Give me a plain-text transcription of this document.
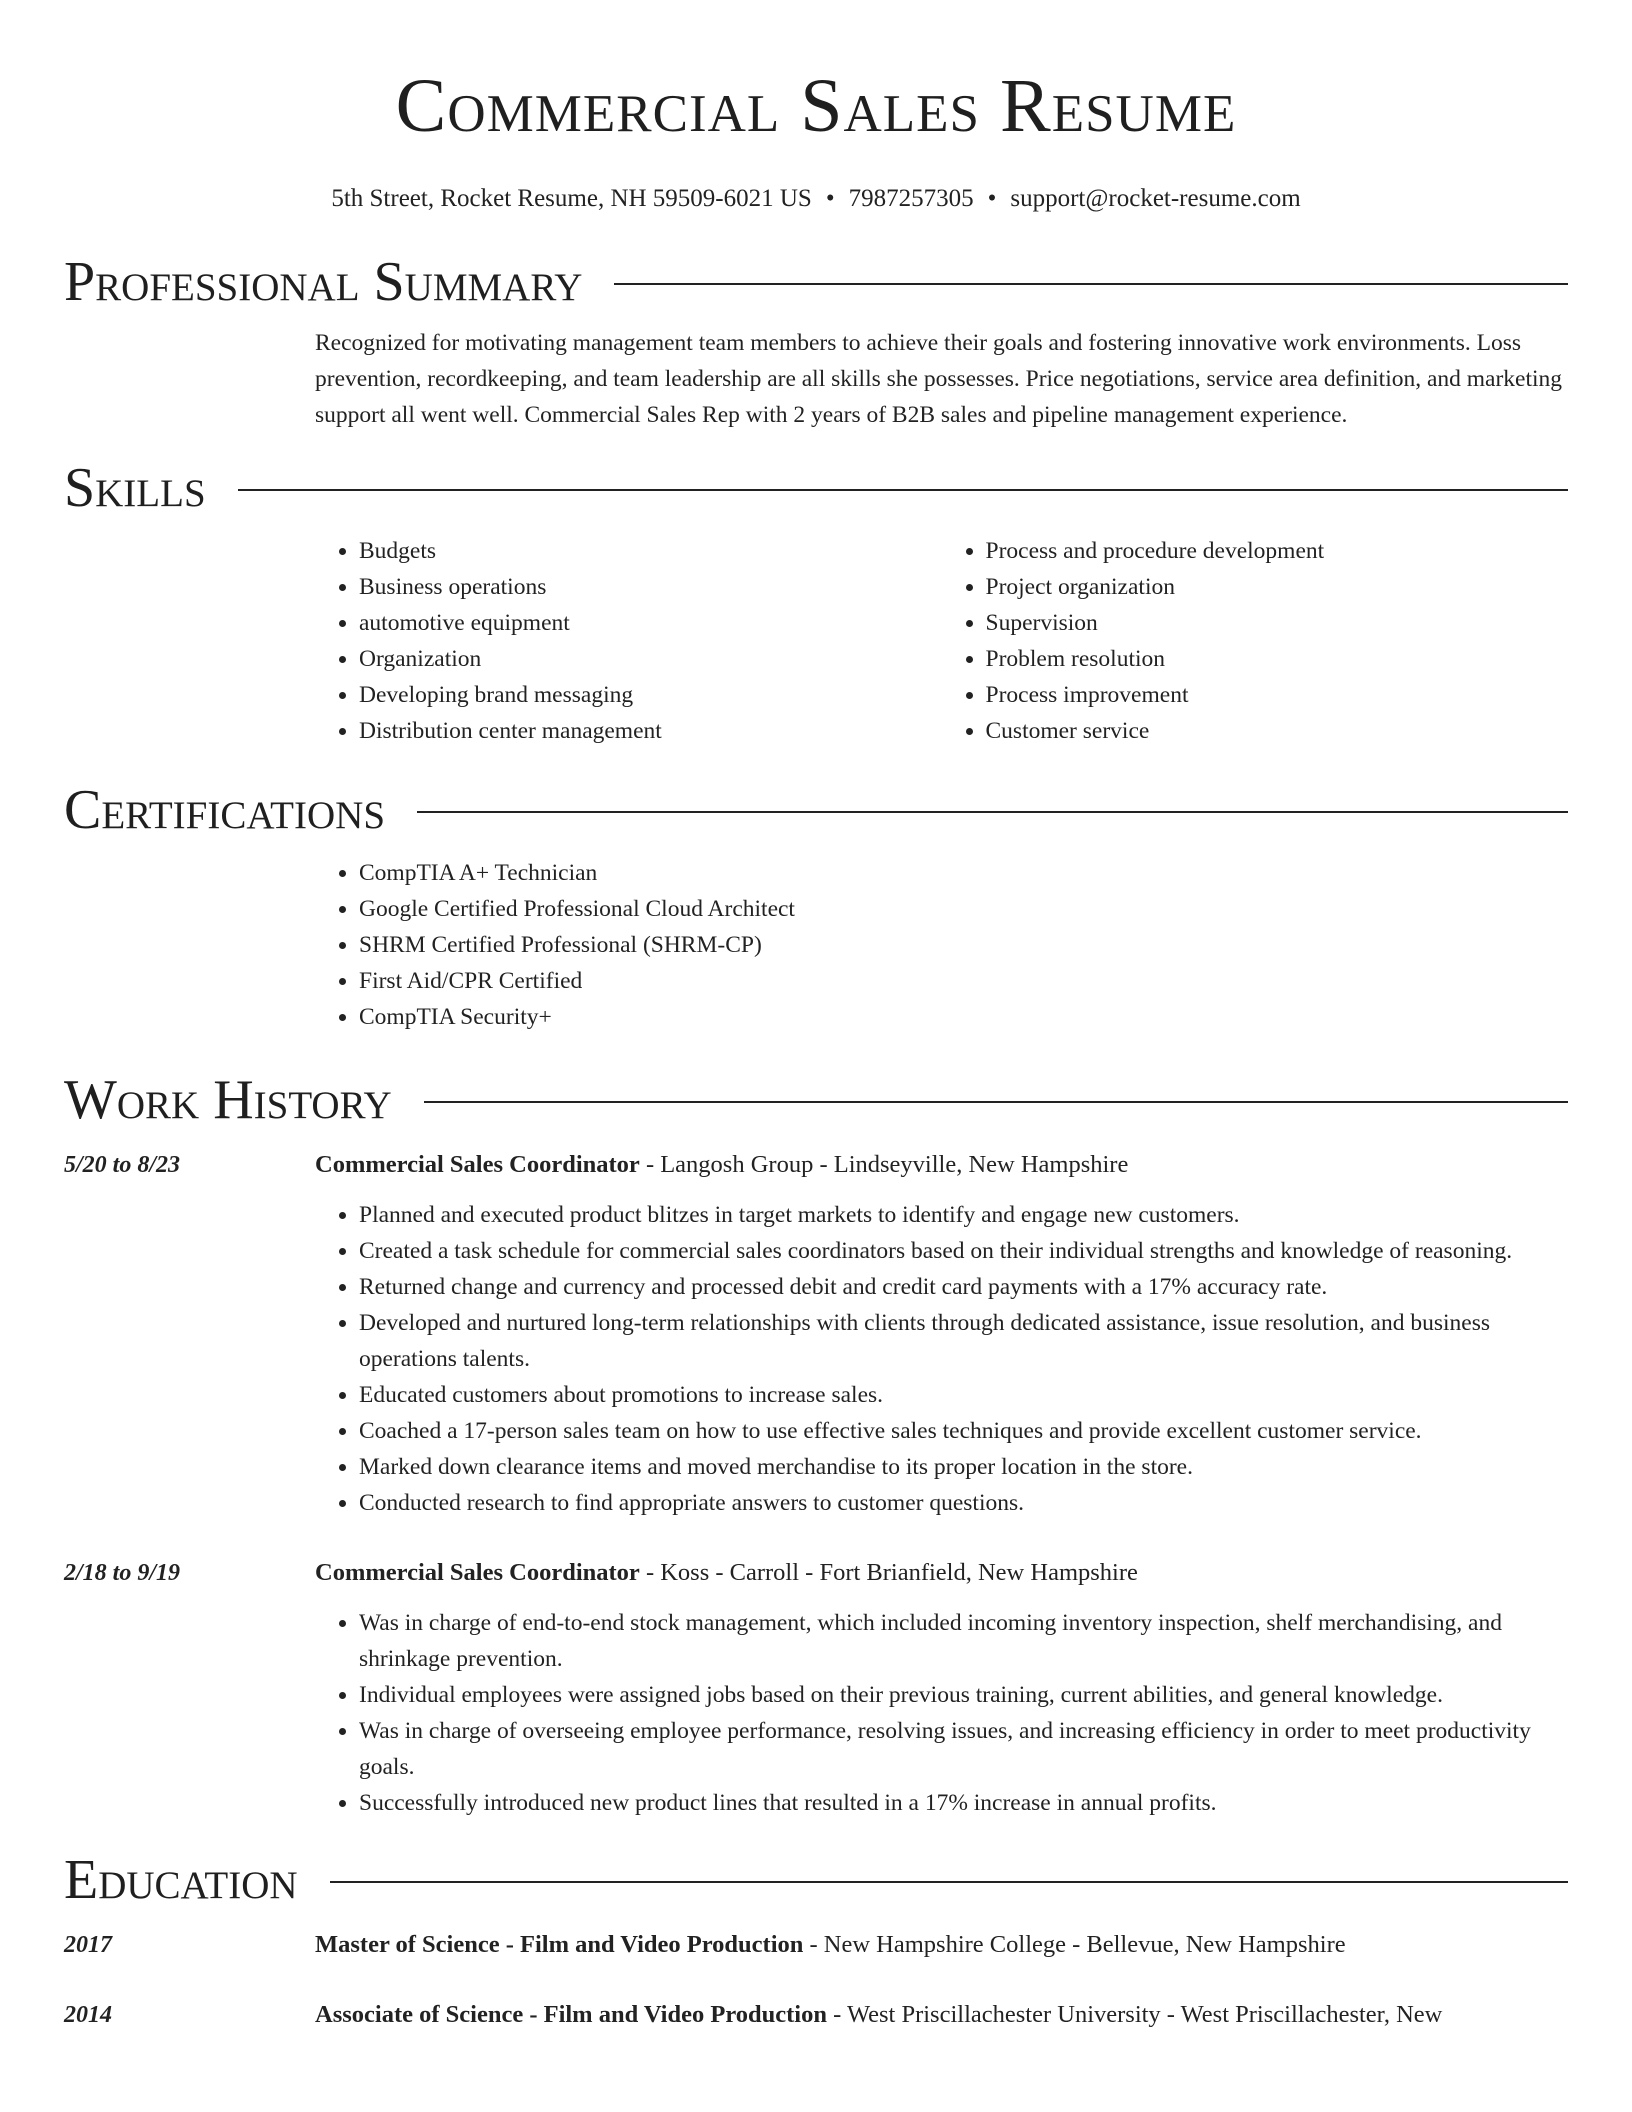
Commercial Sales Resume
5th Street, Rocket Resume, NH 59509-6021 US • 7987257305 • support@rocket-resume.com
Professional Summary
Recognized for motivating management team members to achieve their goals and fostering innovative work environments. Loss prevention, recordkeeping, and team leadership are all skills she possesses. Price negotiations, service area definition, and marketing support all went well. Commercial Sales Rep with 2 years of B2B sales and pipeline management experience.
Skills
• Budgets
• Business operations
• automotive equipment
• Organization
• Developing brand messaging
• Distribution center management
• Process and procedure development
• Project organization
• Supervision
• Problem resolution
• Process improvement
• Customer service
Certifications
• CompTIA A+ Technician
• Google Certified Professional Cloud Architect
• SHRM Certified Professional (SHRM-CP)
• First Aid/CPR Certified
• CompTIA Security+
Work History
5/20 to 8/23	Commercial Sales Coordinator - Langosh Group - Lindseyville, New Hampshire
• Planned and executed product blitzes in target markets to identify and engage new customers.
• Created a task schedule for commercial sales coordinators based on their individual strengths and knowledge of reasoning.
• Returned change and currency and processed debit and credit card payments with a 17% accuracy rate.
• Developed and nurtured long-term relationships with clients through dedicated assistance, issue resolution, and business operations talents.
• Educated customers about promotions to increase sales.
• Coached a 17-person sales team on how to use effective sales techniques and provide excellent customer service.
• Marked down clearance items and moved merchandise to its proper location in the store.
• Conducted research to find appropriate answers to customer questions.
2/18 to 9/19	Commercial Sales Coordinator - Koss - Carroll - Fort Brianfield, New Hampshire
• Was in charge of end-to-end stock management, which included incoming inventory inspection, shelf merchandising, and shrinkage prevention.
• Individual employees were assigned jobs based on their previous training, current abilities, and general knowledge.
• Was in charge of overseeing employee performance, resolving issues, and increasing efficiency in order to meet productivity goals.
• Successfully introduced new product lines that resulted in a 17% increase in annual profits.
Education
2017	Master of Science - Film and Video Production - New Hampshire College - Bellevue, New Hampshire
2014	Associate of Science - Film and Video Production - West Priscillachester University - West Priscillachester, New
